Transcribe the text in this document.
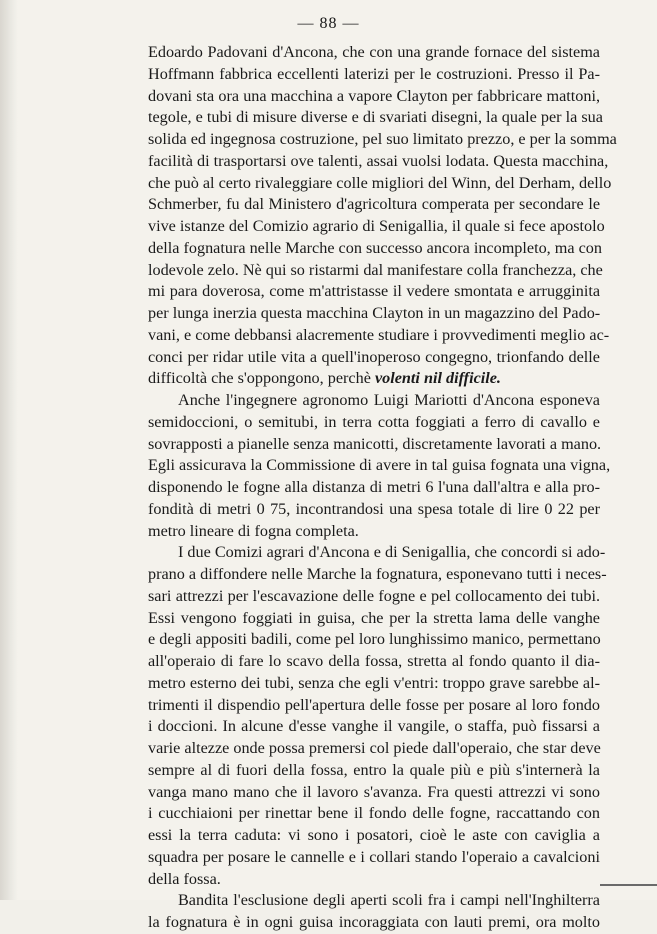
— 88 —
Edoardo Padovani d'Ancona, che con una grande fornace del sistema
Hoffmann fabbrica eccellenti laterizi per le costruzioni. Presso il Pa-
dovani sta ora una macchina a vapore Clayton per fabbricare mattoni,
tegole, e tubi di misure diverse e di svariati disegni, la quale per la sua
solida ed ingegnosa costruzione, pel suo limitato prezzo, e per la somma
facilità di trasportarsi ove talenti, assai vuolsi lodata. Questa macchina,
che può al certo rivaleggiare colle migliori del Winn, del Derham, dello
Schmerber, fu dal Ministero d'agricoltura comperata per secondare le
vive istanze del Comizio agrario di Senigallia, il quale si fece apostolo
della fognatura nelle Marche con successo ancora incompleto, ma con
lodevole zelo. Nè qui so ristarmi dal manifestare colla franchezza, che
mi para doverosa, come m'attristasse il vedere smontata e arrugginita
per lunga inerzia questa macchina Clayton in un magazzino del Pado-
vani, e come debbansi alacremente studiare i provvedimenti meglio ac-
conci per ridar utile vita a quell'inoperoso congegno, trionfando delle
difficoltà che s'oppongono, perchè volenti nil difficile.
Anche l'ingegnere agronomo Luigi Mariotti d'Ancona esponeva
semidoccioni, o semitubi, in terra cotta foggiati a ferro di cavallo e
sovrapposti a pianelle senza manicotti, discretamente lavorati a mano.
Egli assicurava la Commissione di avere in tal guisa fognata una vigna,
disponendo le fogne alla distanza di metri 6 l'una dall'altra e alla pro-
fondità di metri 0 75, incontrandosi una spesa totale di lire 0 22 per
metro lineare di fogna completa.
I due Comizi agrari d'Ancona e di Senigallia, che concordi si ado-
prano a diffondere nelle Marche la fognatura, esponevano tutti i neces-
sari attrezzi per l'escavazione delle fogne e pel collocamento dei tubi.
Essi vengono foggiati in guisa, che per la stretta lama delle vanghe
e degli appositi badili, come pel loro lunghissimo manico, permettano
all'operaio di fare lo scavo della fossa, stretta al fondo quanto il dia-
metro esterno dei tubi, senza che egli v'entri: troppo grave sarebbe al-
trimenti il dispendio pell'apertura delle fosse per posare al loro fondo
i doccioni. In alcune d'esse vanghe il vangile, o staffa, può fissarsi a
varie altezze onde possa premersi col piede dall'operaio, che star deve
sempre al di fuori della fossa, entro la quale più e più s'internerà la
vanga mano mano che il lavoro s'avanza. Fra questi attrezzi vi sono
i cucchiaioni per rinettar bene il fondo delle fogne, raccattando con
essi la terra caduta: vi sono i posatori, cioè le aste con caviglia a
squadra per posare le cannelle e i collari stando l'operaio a cavalcioni
della fossa.
Bandita l'esclusione degli aperti scoli fra i campi nell'Inghilterra
la fognatura è in ogni guisa incoraggiata con lauti premi, ora molto
